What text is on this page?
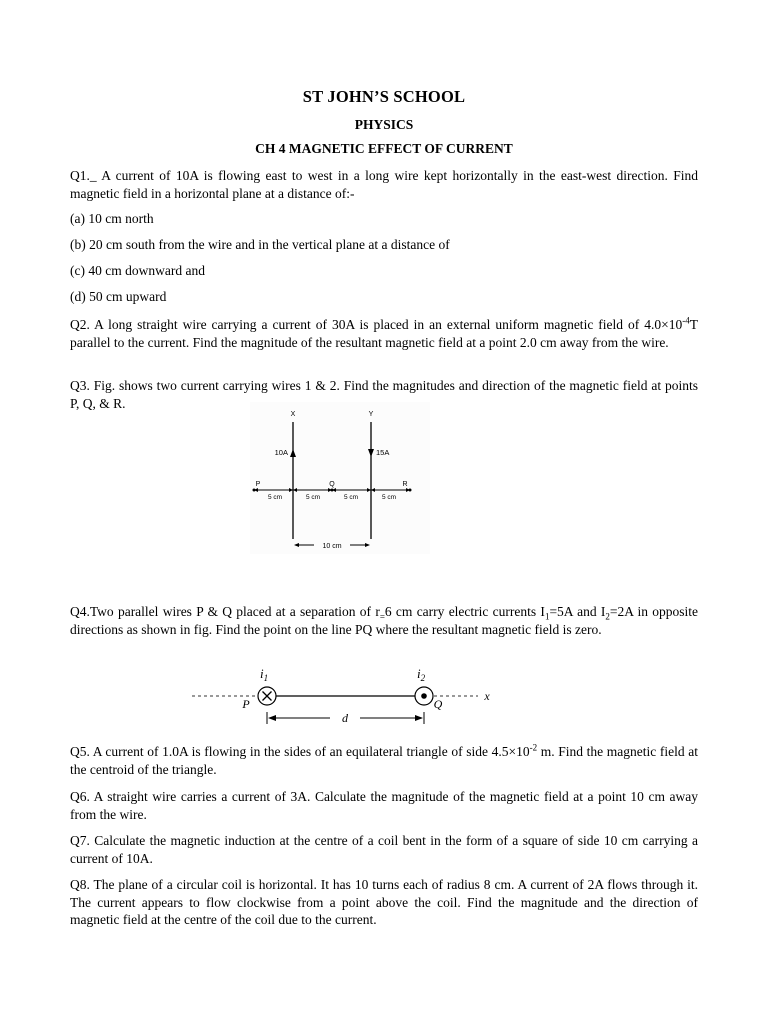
ST JOHN’S SCHOOL
PHYSICS
CH 4 MAGNETIC EFFECT OF CURRENT

Q1._ A current of 10A is flowing east to west in a long wire kept horizontally in the east-west direction. Find magnetic field in a horizontal plane at a distance of:-

(a) 10 cm north

(b) 20 cm south from the wire and in the vertical plane at a distance of

(c) 40 cm downward and

(d) 50 cm upward

Q2. A long straight wire carrying a current of 30A is placed in an external uniform magnetic field of $4.0\times 10^{-4}T$ parallel to the current. Find the magnitude of the resultant magnetic field at a point 2.0 cm away from the wire.

Q3. Fig. shows two current carrying wires 1 & 2. Find the magnitudes and direction of the magnetic field at points P, Q, & R.

X	Y
10A	15A
P	Q	R
5 cm	5 cm	5 cm	5 cm
10 cm

Q4.Two parallel wires P & Q placed at a separation of $r_=6$ cm carry electric currents $I_1=5A$ and $I_2=2A$ in opposite directions as shown in fig. Find the point on the line PQ where the resultant magnetic field is zero.

$i_1$	$i_2$
P	Q
x
d

Q5. A current of 1.0A is flowing in the sides of an equilateral triangle of side $4.5\times 10^{-2}$ m. Find the magnetic field at the centroid of the triangle.

Q6. A straight wire carries a current of 3A. Calculate the magnitude of the magnetic field at a point 10 cm away from the wire.

Q7. Calculate the magnetic induction at the centre of a coil bent in the form of a square of side 10 cm carrying a current of 10A.

Q8. The plane of a circular coil is horizontal. It has 10 turns each of radius 8 cm. A current of 2A flows through it. The current appears to flow clockwise from a point above the coil. Find the magnitude and the direction of magnetic field at the centre of the coil due to the current.
